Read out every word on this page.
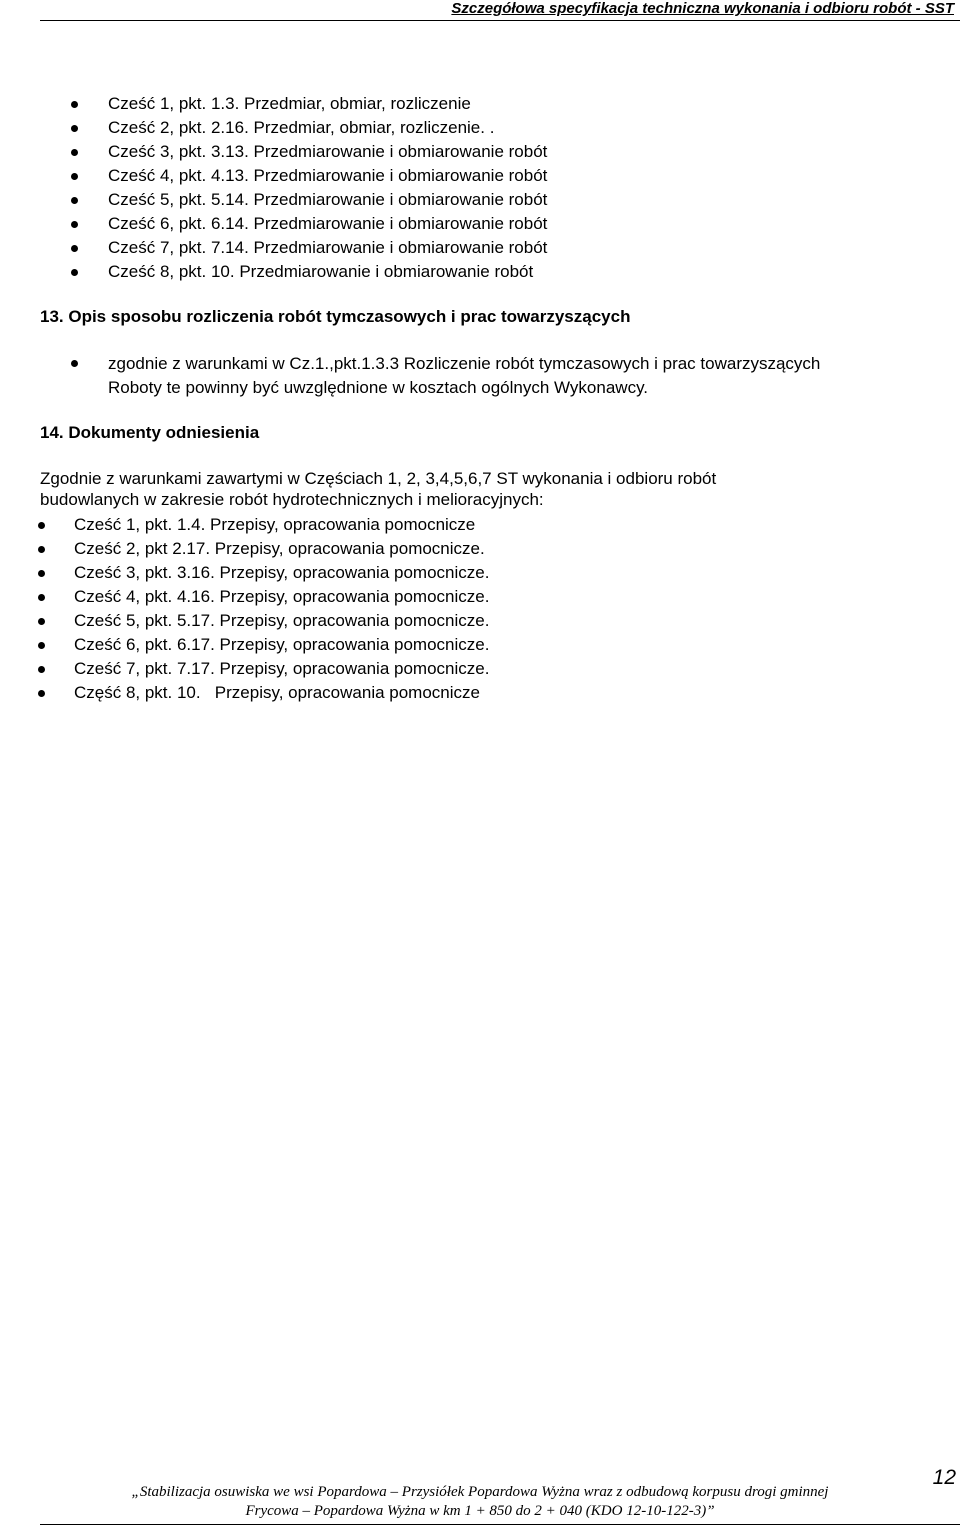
Szczegółowa specyfikacja techniczna wykonania i odbioru robót - SST
Cześć 1, pkt. 1.3. Przedmiar, obmiar, rozliczenie
Cześć 2, pkt. 2.16. Przedmiar, obmiar, rozliczenie. .
Cześć 3, pkt. 3.13. Przedmiarowanie i obmiarowanie robót
Cześć 4, pkt. 4.13. Przedmiarowanie i obmiarowanie robót
Cześć 5, pkt. 5.14. Przedmiarowanie i obmiarowanie robót
Cześć 6, pkt. 6.14. Przedmiarowanie i obmiarowanie robót
Cześć 7, pkt. 7.14. Przedmiarowanie i obmiarowanie robót
Cześć 8, pkt. 10. Przedmiarowanie i obmiarowanie robót
13. Opis sposobu rozliczenia robót tymczasowych i prac towarzyszących
zgodnie z warunkami w Cz.1.,pkt.1.3.3 Rozliczenie robót tymczasowych i prac towarzyszących
Roboty te powinny być uwzględnione w kosztach ogólnych Wykonawcy.
14. Dokumenty odniesienia
Zgodnie z warunkami zawartymi w Częściach 1, 2, 3,4,5,6,7 ST wykonania i odbioru robót
budowlanych w zakresie robót hydrotechnicznych i melioracyjnych:
Cześć 1, pkt. 1.4. Przepisy, opracowania pomocnicze
Cześć 2, pkt 2.17. Przepisy, opracowania pomocnicze.
Cześć 3, pkt. 3.16. Przepisy, opracowania pomocnicze.
Cześć 4, pkt. 4.16. Przepisy, opracowania pomocnicze.
Cześć 5, pkt. 5.17. Przepisy, opracowania pomocnicze.
Cześć 6, pkt. 6.17. Przepisy, opracowania pomocnicze.
Cześć 7, pkt. 7.17. Przepisy, opracowania pomocnicze.
Część 8, pkt. 10.   Przepisy, opracowania pomocnicze
12
„Stabilizacja osuwiska we wsi Popardowa – Przysiółek Popardowa Wyżna wraz z odbudową korpusu drogi gminnej
Frycowa – Popardowa Wyżna w km 1 + 850 do 2 + 040 (KDO 12-10-122-3)”
